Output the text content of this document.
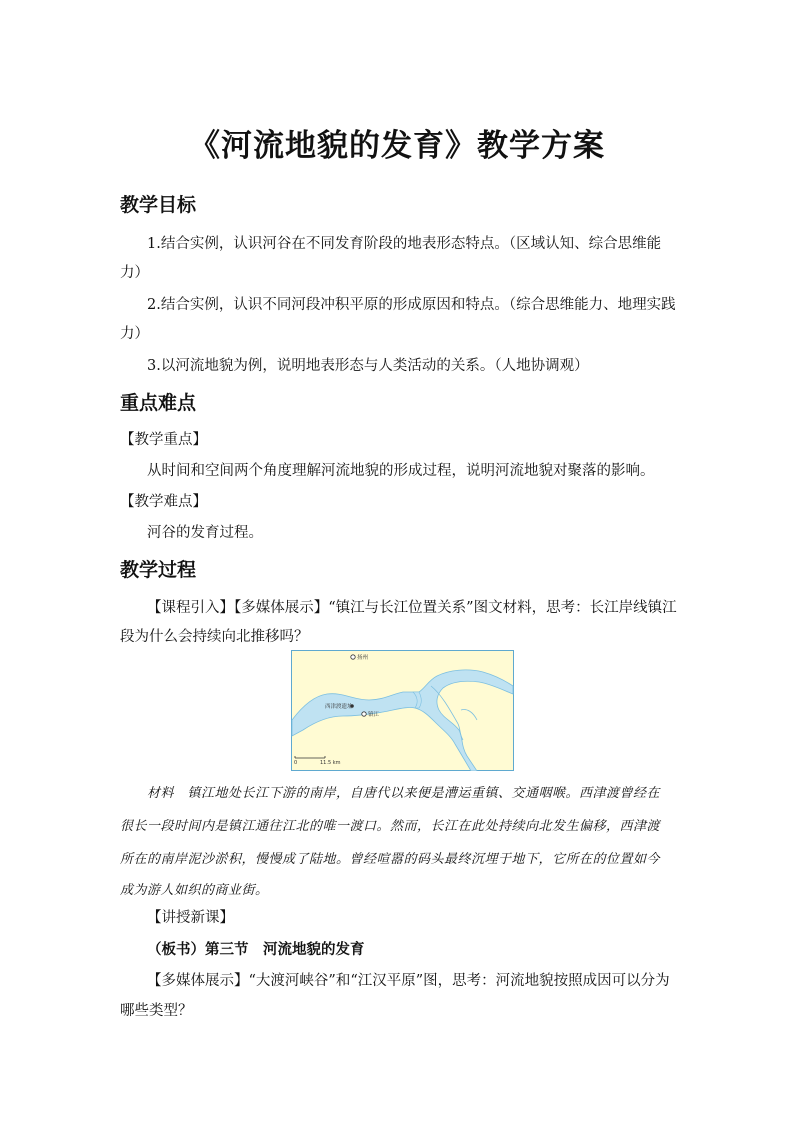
《河流地貌的发育》教学方案
教学目标
1.结合实例，认识河谷在不同发育阶段的地表形态特点。（区域认知、综合思维能
力）
2.结合实例，认识不同河段冲积平原的形成原因和特点。（综合思维能力、地理实践
力）
3.以河流地貌为例，说明地表形态与人类活动的关系。（人地协调观）
重点难点
【教学重点】
从时间和空间两个角度理解河流地貌的形成过程，说明河流地貌对聚落的影响。
【教学难点】
河谷的发育过程。
教学过程
【课程引入】【多媒体展示】“镇江与长江位置关系”图文材料，思考：长江岸线镇江
段为什么会持续向北推移吗？
扬州
西津渡遗址
镇江
0	11.5 km
材料　镇江地处长江下游的南岸，自唐代以来便是漕运重镇、交通咽喉。西津渡曾经在
很长一段时间内是镇江通往江北的唯一渡口。然而，长江在此处持续向北发生偏移，西津渡
所在的南岸泥沙淤积，慢慢成了陆地。曾经喧嚣的码头最终沉埋于地下，它所在的位置如今
成为游人如织的商业街。
【讲授新课】
（板书）第三节　河流地貌的发育
【多媒体展示】“大渡河峡谷”和“江汉平原”图，思考：河流地貌按照成因可以分为
哪些类型？
